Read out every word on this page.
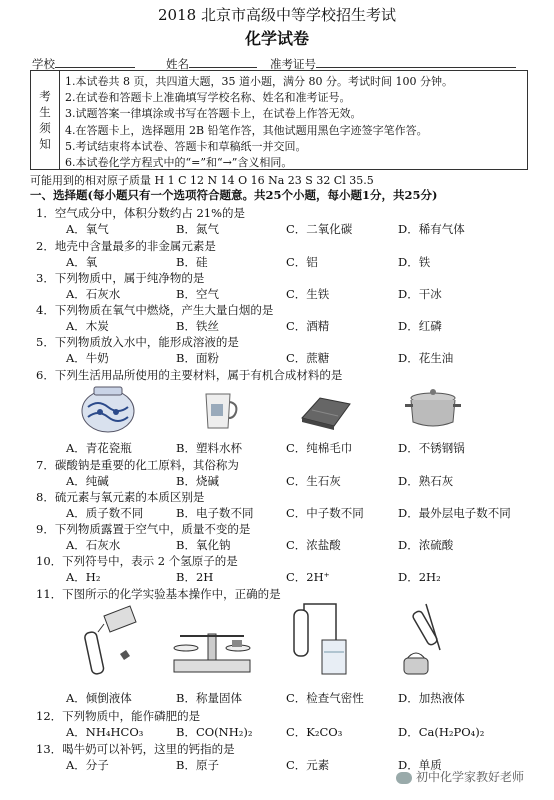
2018 北京市高级中等学校招生考试
化学试卷
学校	姓名	准考证号
考
生
须
知
1.本试卷共 8 页，共四道大题，35 道小题，满分 80 分。考试时间 100 分钟。
2.在试卷和答题卡上准确填写学校名称、姓名和准考证号。
3.试题答案一律填涂或书写在答题卡上，在试卷上作答无效。
4.在答题卡上，选择题用 2B 铅笔作答，其他试题用黑色字迹签字笔作答。
5.考试结束将本试卷、答题卡和草稿纸一并交回。
6.本试卷化学方程式中的“=”和“→”含义相同。
可能用到的相对原子质量 H 1 C 12 N 14 O 16 Na 23 S 32 Cl 35.5
一、选择题(每小题只有一个选项符合题意。共25个小题，每小题1分，共25分)
1．空气成分中，体积分数约占 21%的是
A．氧气	B．氮气	C．二氧化碳	D．稀有气体
2．地壳中含量最多的非金属元素是
A．氧	B．硅	C．铝	D．铁
3．下列物质中，属于纯净物的是
A．石灰水	B．空气	C．生铁	D．干冰
4．下列物质在氧气中燃烧，产生大量白烟的是
A．木炭	B．铁丝	C．酒精	D．红磷
5．下列物质放入水中，能形成溶液的是
A．牛奶	B．面粉	C．蔗糖	D．花生油
6．下列生活用品所使用的主要材料，属于有机合成材料的是
A．青花瓷瓶	B．塑料水杯	C．纯棉毛巾	D．不锈钢锅
7．碳酸钠是重要的化工原料，其俗称为
A．纯碱	B．烧碱	C．生石灰	D．熟石灰
8．硫元素与氧元素的本质区别是
A．质子数不同	B．电子数不同	C．中子数不同	D．最外层电子数不同
9．下列物质露置于空气中，质量不变的是
A．石灰水	B．氧化钠	C．浓盐酸	D．浓硫酸
10．下列符号中，表示 2 个氢原子的是
A．H₂	B．2H	C．2H⁺	D．2H₂
11．下图所示的化学实验基本操作中，正确的是
A．倾倒液体	B．称量固体	C．检查气密性	D．加热液体
12．下列物质中，能作磷肥的是
A．NH₄HCO₃	B．CO(NH₂)₂	C．K₂CO₃	D．Ca(H₂PO₄)₂
13．喝牛奶可以补钙，这里的钙指的是
A．分子	B．原子	C．元素	D．单质
初中化学家教好老师
